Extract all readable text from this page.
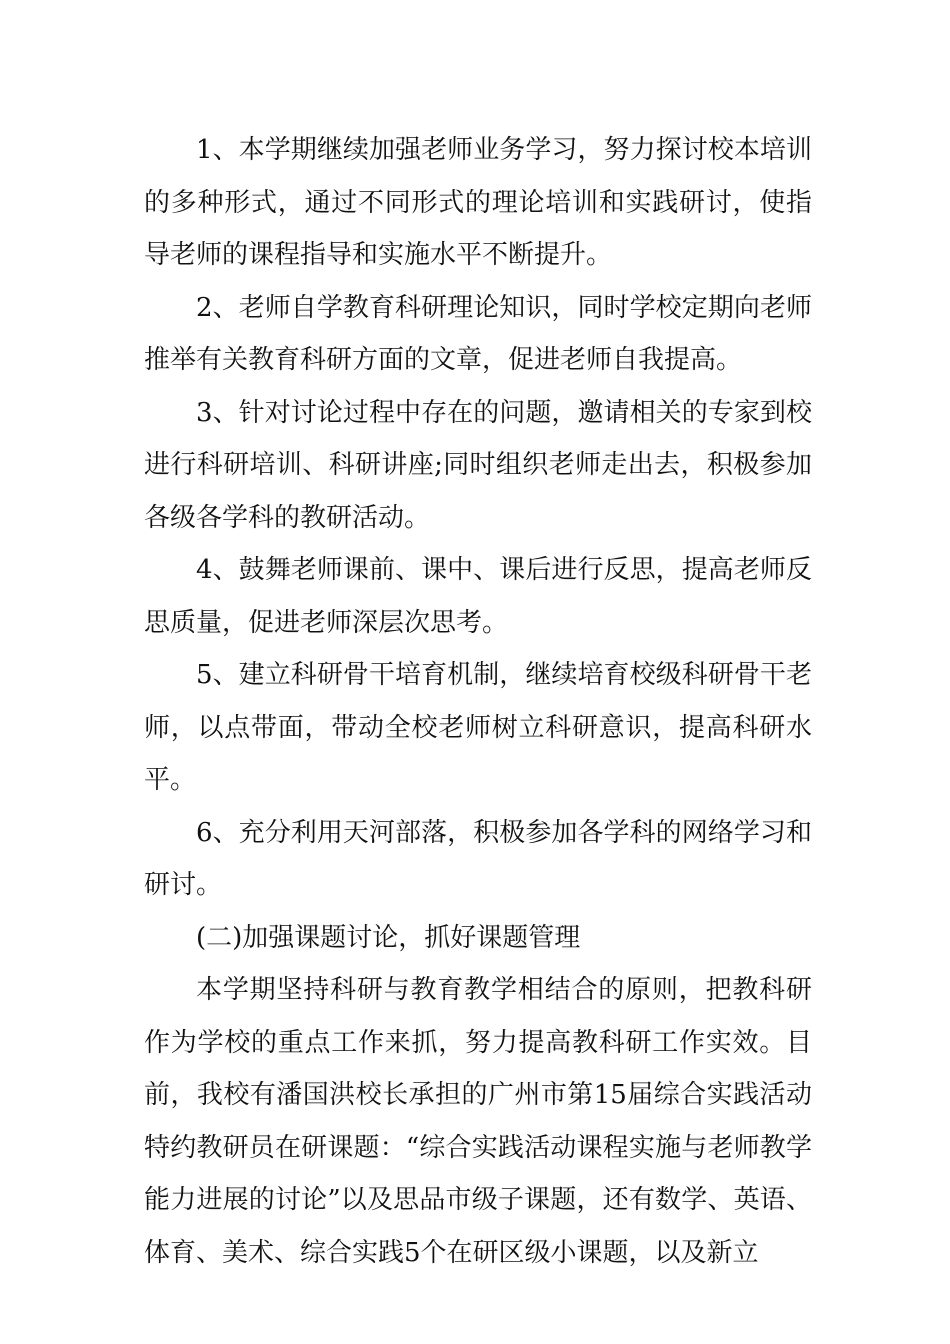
1、本学期继续加强老师业务学习，努力探讨校本培训的多种形式，通过不同形式的理论培训和实践研讨，使指导老师的课程指导和实施水平不断提升。

2、老师自学教育科研理论知识，同时学校定期向老师推举有关教育科研方面的文章，促进老师自我提高。

3、针对讨论过程中存在的问题，邀请相关的专家到校进行科研培训、科研讲座;同时组织老师走出去，积极参加各级各学科的教研活动。

4、鼓舞老师课前、课中、课后进行反思，提高老师反思质量，促进老师深层次思考。

5、建立科研骨干培育机制，继续培育校级科研骨干老师，以点带面，带动全校老师树立科研意识，提高科研水平。

6、充分利用天河部落，积极参加各学科的网络学习和研讨。

(二)加强课题讨论，抓好课题管理

本学期坚持科研与教育教学相结合的原则，把教科研作为学校的重点工作来抓，努力提高教科研工作实效。目前，我校有潘国洪校长承担的广州市第15届综合实践活动特约教研员在研课题：“综合实践活动课程实施与老师教学能力进展的讨论”以及思品市级子课题，还有数学、英语、体育、美术、综合实践5个在研区级小课题，以及新立
